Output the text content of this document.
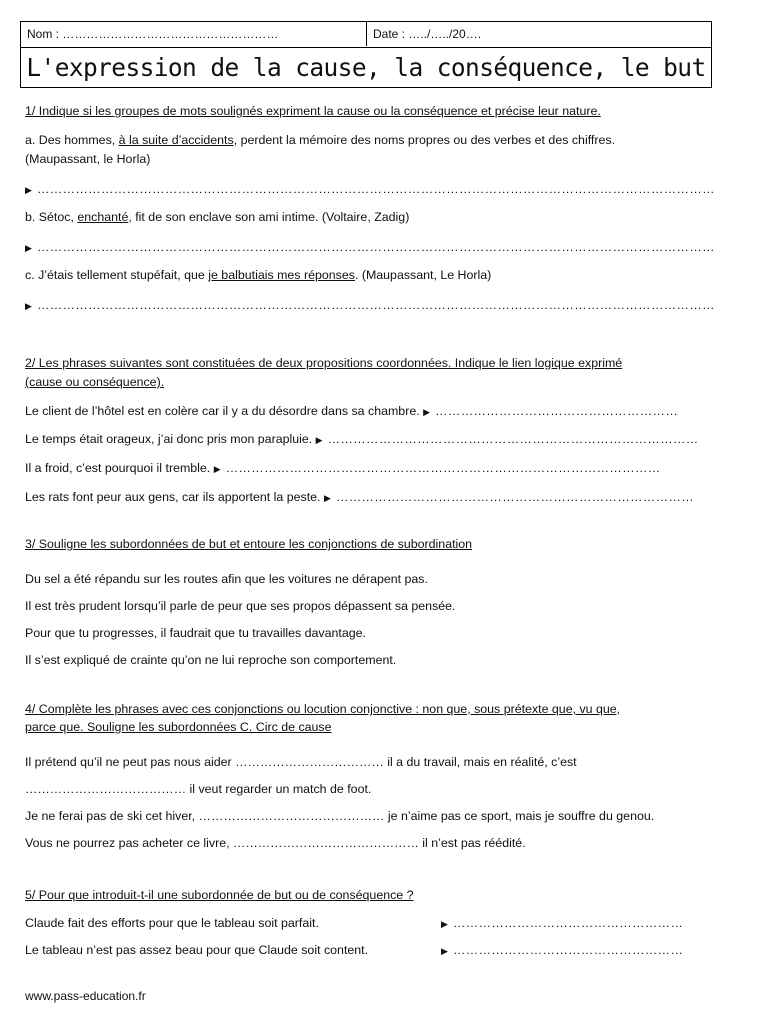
Nom : ………………………………………………	Date : …../…../20….
L'expression de la cause, la conséquence, le but
1/ Indique si les groupes de mots soulignés expriment la cause ou la conséquence et précise leur nature.
a. Des hommes, à la suite d’accidents, perdent la mémoire des noms propres ou des verbes et des chiffres.
(Maupassant, le Horla)
▶ ……………………………………………………………………………………………………………………………………………
b. Sétoc, enchanté, fit de son enclave son ami intime. (Voltaire, Zadig)
▶ ……………………………………………………………………………………………………………………………………………
c. J’étais tellement stupéfait, que je balbutiais mes réponses. (Maupassant, Le Horla)
▶ ……………………………………………………………………………………………………………………………………………
2/ Les phrases suivantes sont constituées de deux propositions coordonnées. Indique le lien logique exprimé
(cause ou conséquence).
Le client de l’hôtel est en colère car il y a du désordre dans sa chambre. ▶ …………………………………………………
Le temps était orageux, j’ai donc pris mon parapluie. ▶ ……………………………………………………………………………
Il a froid, c’est pourquoi il tremble. ▶ …………………………………………………………………………………………
Les rats font peur aux gens, car ils apportent la peste. ▶ …………………………………………………………………………
3/ Souligne les subordonnées de but et entoure les conjonctions de subordination
Du sel a été répandu sur les routes afin que les voitures ne dérapent pas.
Il est très prudent lorsqu’il parle de peur que ses propos dépassent sa pensée.
Pour que tu progresses, il faudrait que tu travailles davantage.
Il s’est expliqué de crainte qu’on ne lui reproche son comportement.
4/ Complète les phrases avec ces conjonctions ou locution conjonctive : non que, sous prétexte que, vu que,
parce que. Souligne les subordonnées C. Circ de cause
Il prétend qu’il ne peut pas nous aider ……………………………… il a du travail, mais en réalité, c’est
………………………………… il veut regarder un match de foot.
Je ne ferai pas de ski cet hiver, ……………………………………… je n’aime pas ce sport, mais je souffre du genou.
Vous ne pourrez pas acheter ce livre, ……………………………………… il n’est pas réédité.
5/ Pour que introduit-t-il une subordonnée de but ou de conséquence ?
Claude fait des efforts pour que le tableau soit parfait.	▶ ………………………………………………
Le tableau n’est pas assez beau pour que Claude soit content.	▶ ………………………………………………
www.pass-education.fr
